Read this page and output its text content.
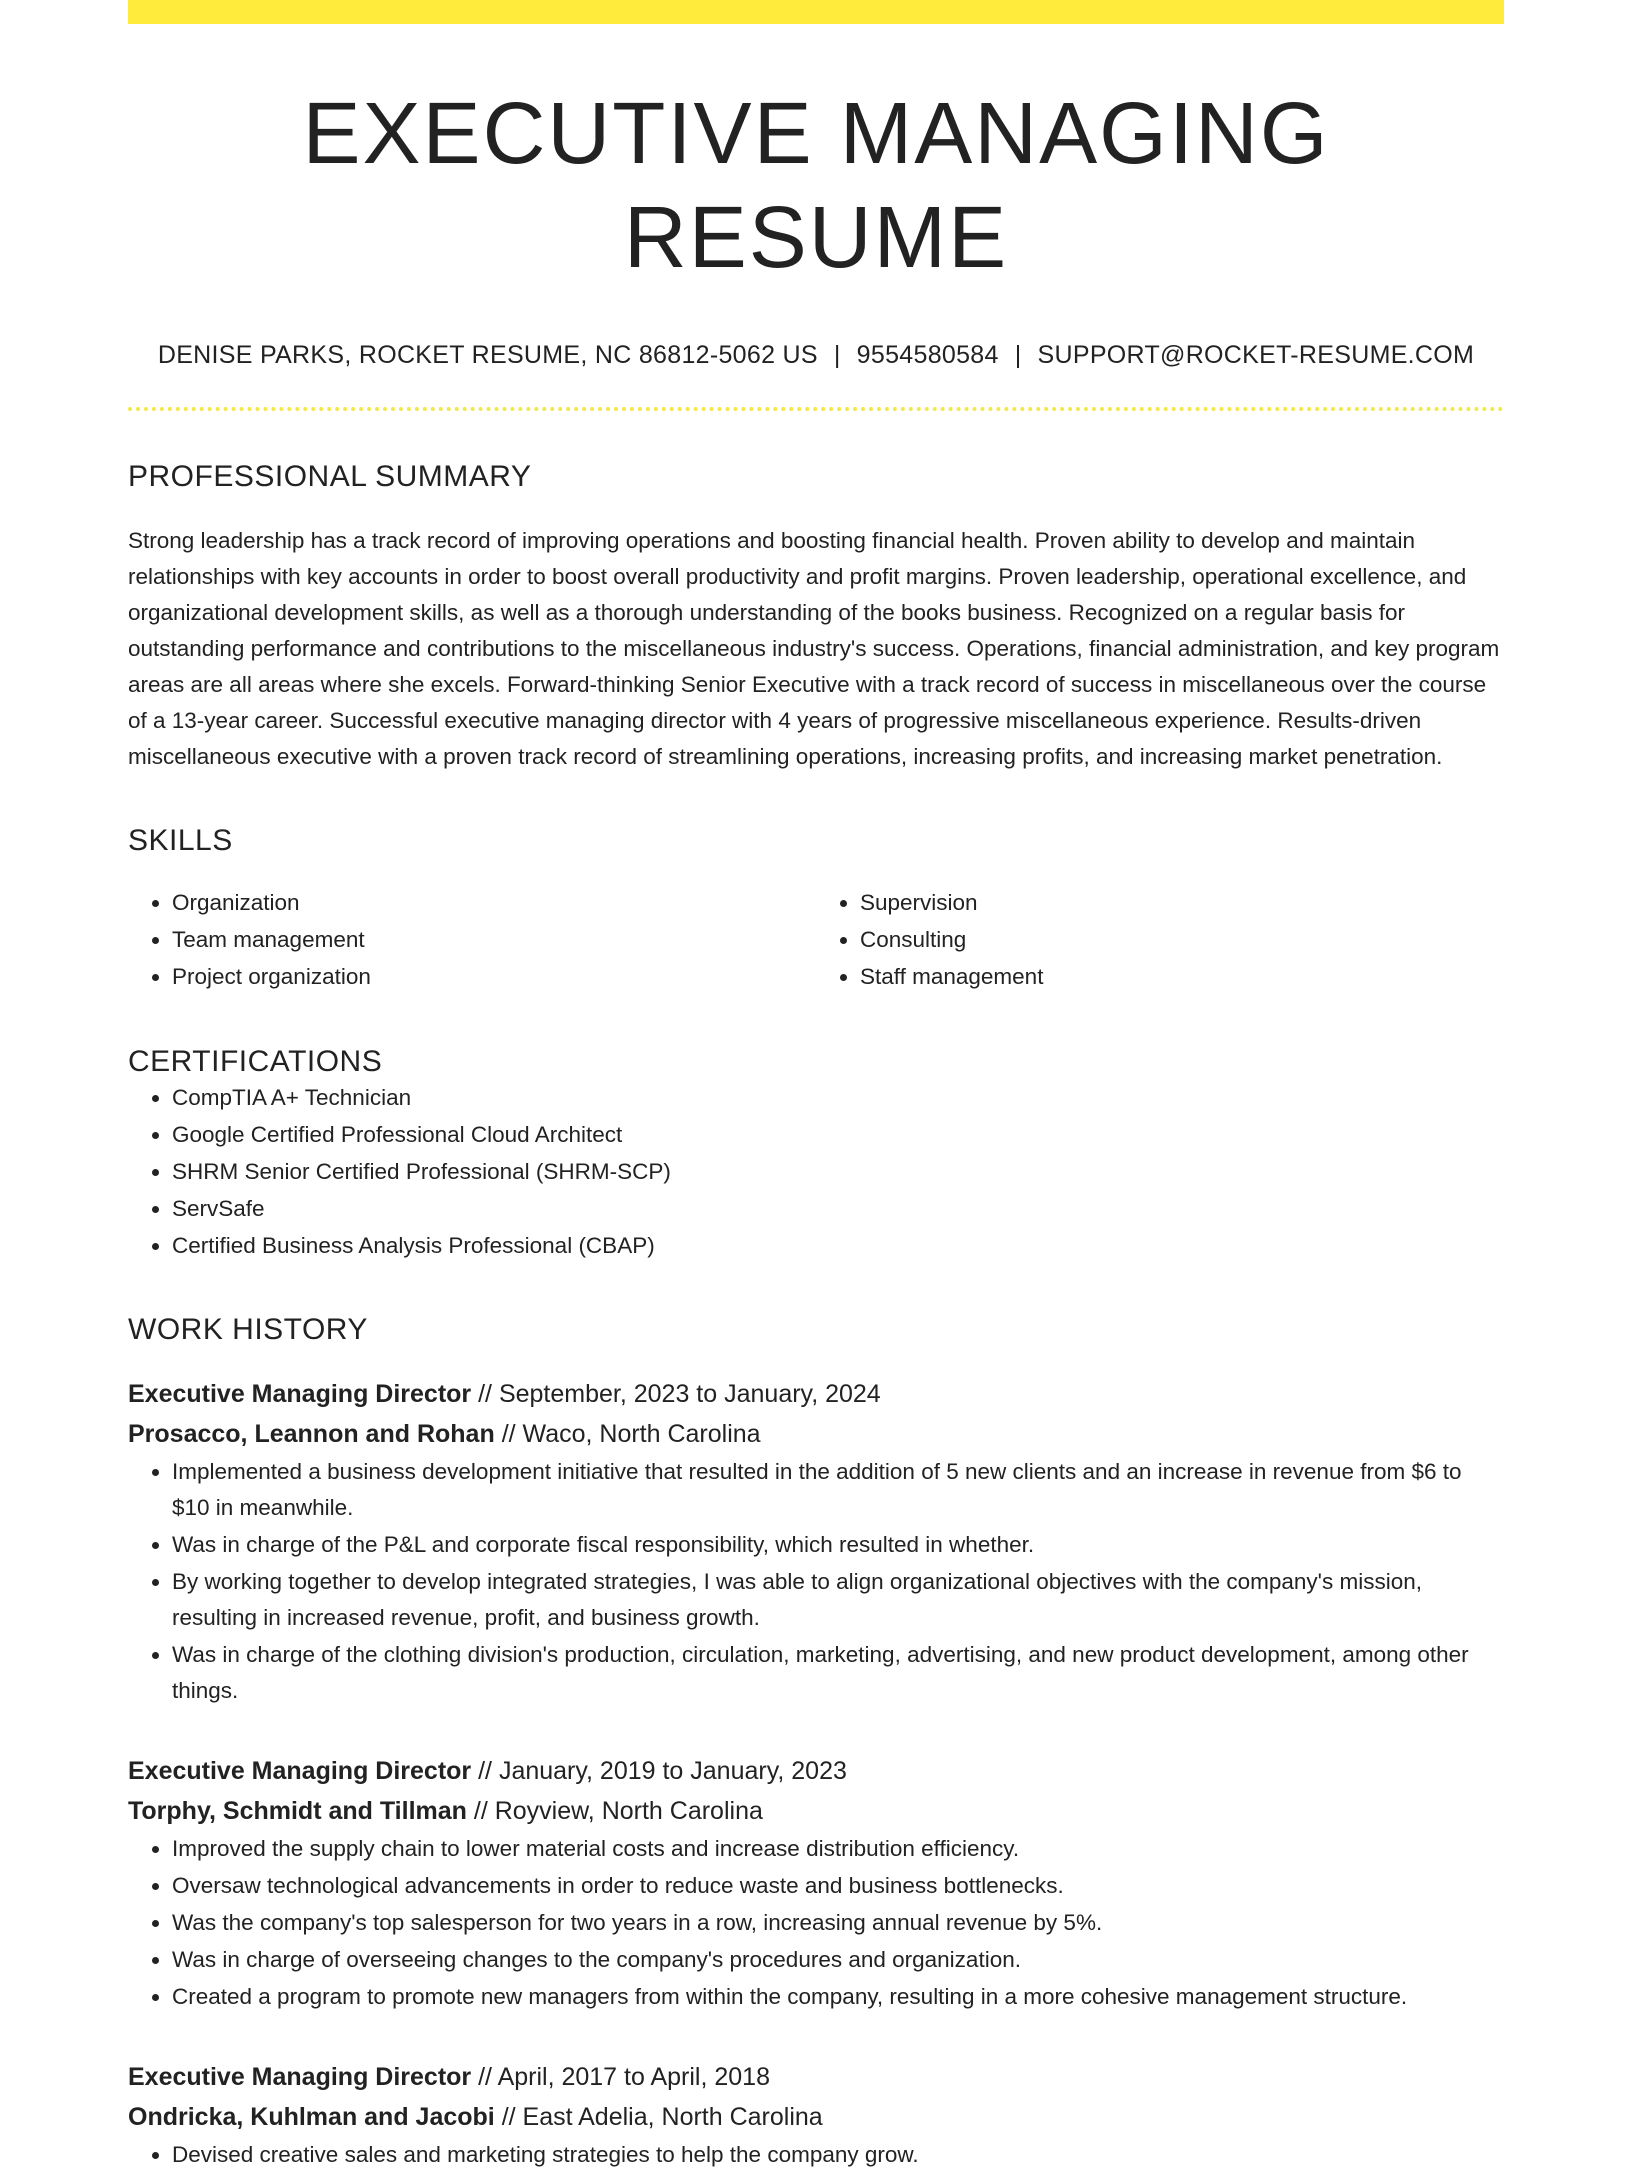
EXECUTIVE MANAGING RESUME
DENISE PARKS, ROCKET RESUME, NC 86812-5062 US | 9554580584 | SUPPORT@ROCKET-RESUME.COM
PROFESSIONAL SUMMARY

Strong leadership has a track record of improving operations and boosting financial health. Proven ability to develop and maintain relationships with key accounts in order to boost overall productivity and profit margins. Proven leadership, operational excellence, and organizational development skills, as well as a thorough understanding of the books business. Recognized on a regular basis for outstanding performance and contributions to the miscellaneous industry's success. Operations, financial administration, and key program areas are all areas where she excels. Forward-thinking Senior Executive with a track record of success in miscellaneous over the course of a 13-year career. Successful executive managing director with 4 years of progressive miscellaneous experience. Results-driven miscellaneous executive with a proven track record of streamlining operations, increasing profits, and increasing market penetration.

SKILLS
• Organization
• Team management
• Project organization
• Supervision
• Consulting
• Staff management
CERTIFICATIONS
• CompTIA A+ Technician
• Google Certified Professional Cloud Architect
• SHRM Senior Certified Professional (SHRM-SCP)
• ServSafe
• Certified Business Analysis Professional (CBAP)
WORK HISTORY
Executive Managing Director // September, 2023 to January, 2024
Prosacco, Leannon and Rohan // Waco, North Carolina
• Implemented a business development initiative that resulted in the addition of 5 new clients and an increase in revenue from $6 to $10 in meanwhile.
• Was in charge of the P&L and corporate fiscal responsibility, which resulted in whether.
• By working together to develop integrated strategies, I was able to align organizational objectives with the company's mission, resulting in increased revenue, profit, and business growth.
• Was in charge of the clothing division's production, circulation, marketing, advertising, and new product development, among other things.
Executive Managing Director // January, 2019 to January, 2023
Torphy, Schmidt and Tillman // Royview, North Carolina
• Improved the supply chain to lower material costs and increase distribution efficiency.
• Oversaw technological advancements in order to reduce waste and business bottlenecks.
• Was the company's top salesperson for two years in a row, increasing annual revenue by 5%.
• Was in charge of overseeing changes to the company's procedures and organization.
• Created a program to promote new managers from within the company, resulting in a more cohesive management structure.
Executive Managing Director // April, 2017 to April, 2018
Ondricka, Kuhlman and Jacobi // East Adelia, North Carolina
• Devised creative sales and marketing strategies to help the company grow.
